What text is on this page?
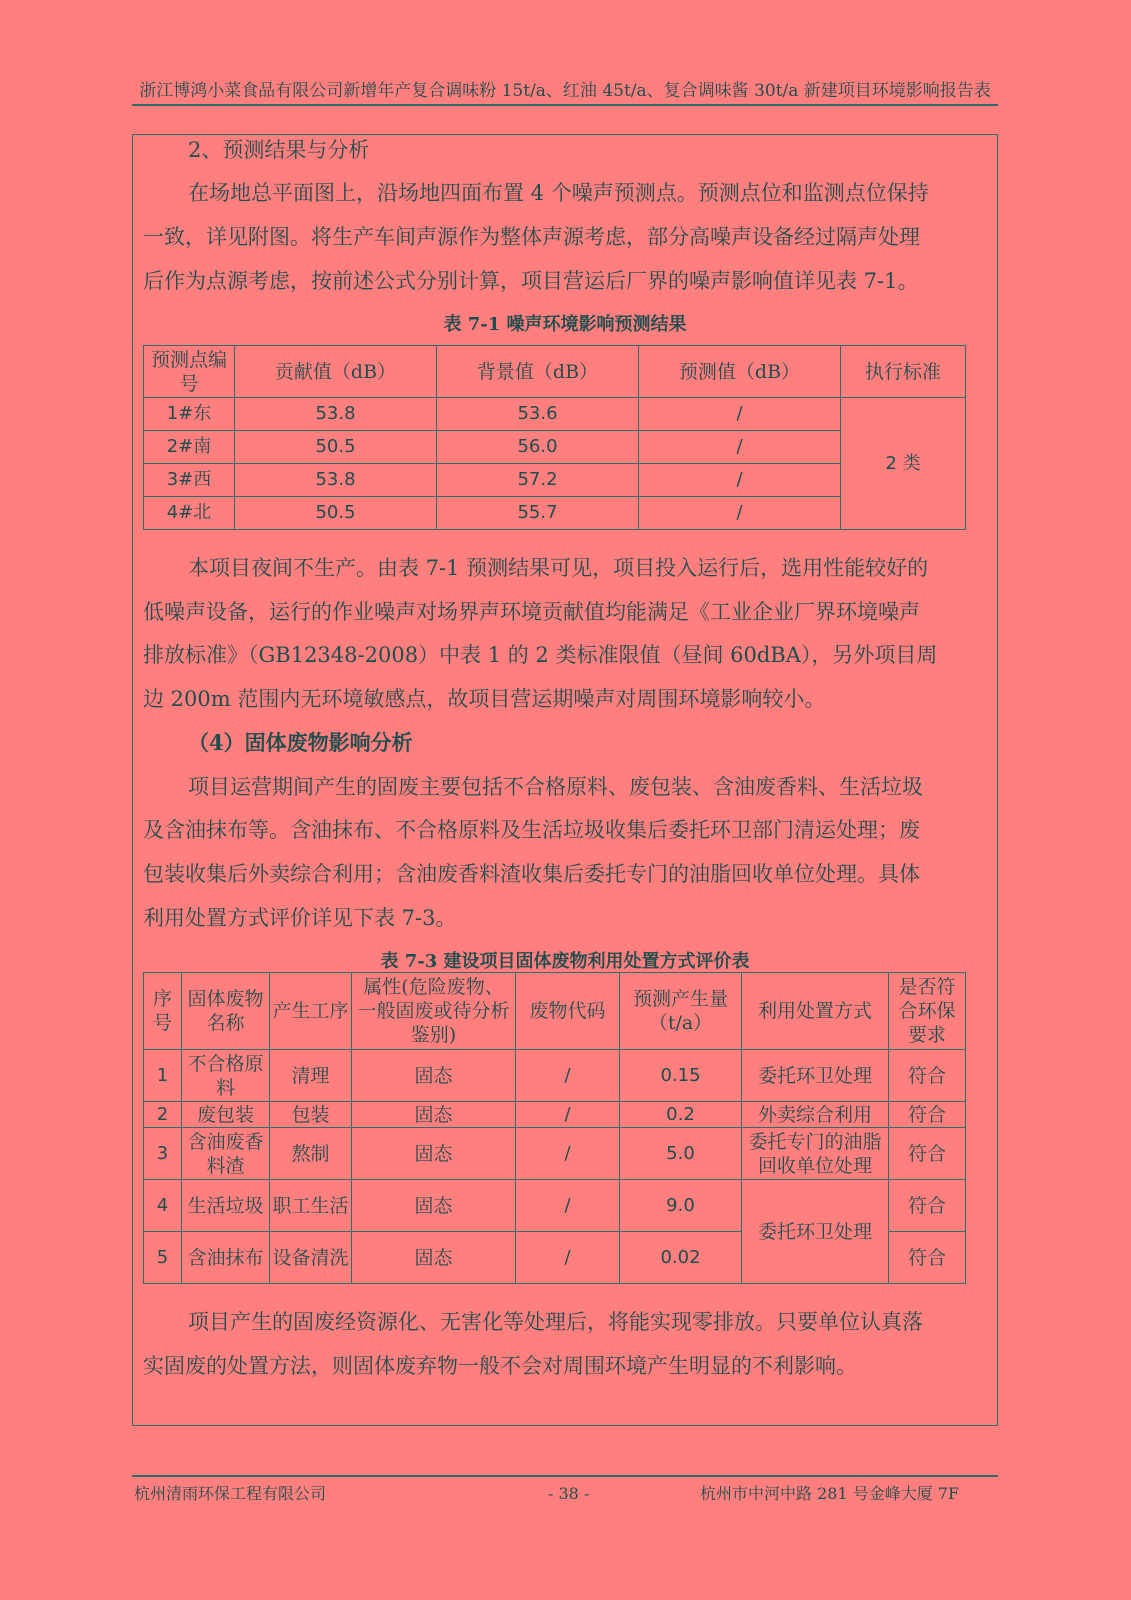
浙江博鸿小菜食品有限公司新增年产复合调味粉 15t/a、红油 45t/a、复合调味酱 30t/a 新建项目环境影响报告表
2、预测结果与分析
在场地总平面图上，沿场地四面布置 4 个噪声预测点。预测点位和监测点位保持
一致，详见附图。将生产车间声源作为整体声源考虑，部分高噪声设备经过隔声处理
后作为点源考虑，按前述公式分别计算，项目营运后厂界的噪声影响值详见表 7-1。
表 7-1 噪声环境影响预测结果
预测点编号	贡献值（dB）	背景值（dB）	预测值（dB）	执行标准
1#东	53.8	53.6	/	2 类
2#南	50.5	56.0	/	
3#西	53.8	57.2	/	
4#北	50.5	55.7	/	
本项目夜间不生产。由表 7-1 预测结果可见，项目投入运行后，选用性能较好的
低噪声设备，运行的作业噪声对场界声环境贡献值均能满足《工业企业厂界环境噪声
排放标准》（GB12348-2008）中表 1 的 2 类标准限值（昼间 60dBA），另外项目周
边 200m 范围内无环境敏感点，故项目营运期噪声对周围环境影响较小。
（4）固体废物影响分析
项目运营期间产生的固废主要包括不合格原料、废包装、含油废香料、生活垃圾
及含油抹布等。含油抹布、不合格原料及生活垃圾收集后委托环卫部门清运处理；废
包装收集后外卖综合利用；含油废香料渣收集后委托专门的油脂回收单位处理。具体
利用处置方式评价详见下表 7-3。
表 7-3 建设项目固体废物利用处置方式评价表
序号	固体废物名称	产生工序	属性(危险废物、一般固废或待分析鉴别)	废物代码	预测产生量（t/a）	利用处置方式	是否符合环保要求
1	不合格原料	清理	固态	/	0.15	委托环卫处理	符合
2	废包装	包装	固态	/	0.2	外卖综合利用	符合
3	含油废香料渣	熬制	固态	/	5.0	委托专门的油脂回收单位处理	符合
4	生活垃圾	职工生活	固态	/	9.0	委托环卫处理	符合
5	含油抹布	设备清洗	固态	/	0.02		符合
项目产生的固废经资源化、无害化等处理后，将能实现零排放。只要单位认真落
实固废的处置方法，则固体废弃物一般不会对周围环境产生明显的不利影响。
杭州清雨环保工程有限公司	- 38 -	杭州市中河中路 281 号金峰大厦 7F
